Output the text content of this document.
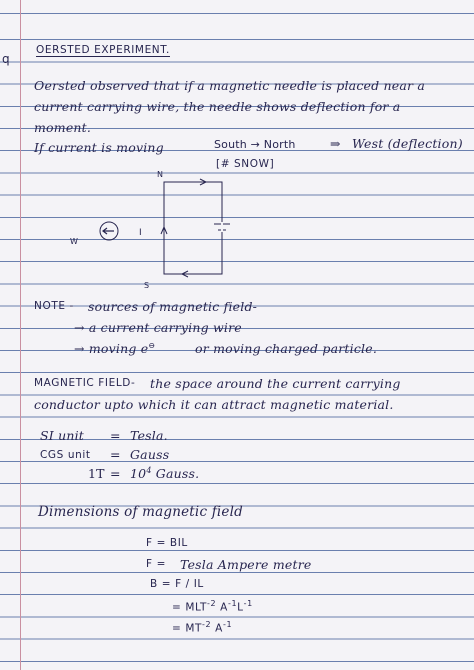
q
OERSTED EXPERIMENT.
Oersted observed that if a magnetic needle is placed near a
current carrying wire, the needle shows deflection for a
moment.
If current is moving	South → North	⇒ West (deflection)
[# SNOW]
N
W
I
S
NOTE - sources of magnetic field-
→ a current carrying wire
→ moving e⊖	or moving charged particle.
MAGNETIC FIELD- the space around the current carrying
conductor upto which it can attract magnetic material.
SI unit = Tesla.
CGS unit = Gauss
$1T = 10^4$ Gauss.
Dimensions of magnetic field
F = BIL
F = Tesla Ampere metre
B = F / IL
= $MLT^{-2}$ $A^{-1}L^{-1}$
= $MT^{-2}$ $A^{-1}$
